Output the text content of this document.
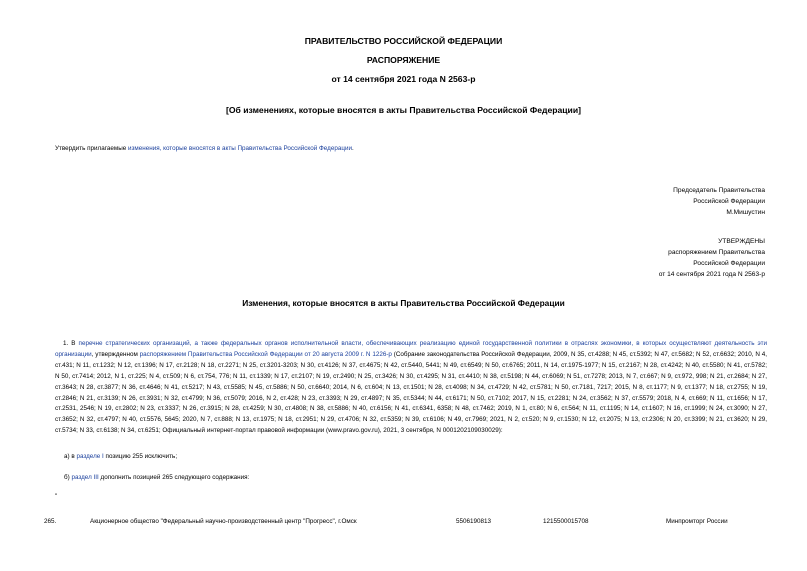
ПРАВИТЕЛЬСТВО РОССИЙСКОЙ ФЕДЕРАЦИИ
РАСПОРЯЖЕНИЕ
от 14 сентября 2021 года N 2563-р
[Об изменениях, которые вносятся в акты Правительства Российской Федерации]
Утвердить прилагаемые изменения, которые вносятся в акты Правительства Российской Федерации.
Председатель Правительства
Российской Федерации
М.Мишустин
УТВЕРЖДЕНЫ
распоряжением Правительства
Российской Федерации
от 14 сентября 2021 года N 2563-р
Изменения, которые вносятся в акты Правительства Российской Федерации
1. В перечне стратегических организаций, а также федеральных органов исполнительной власти, обеспечивающих реализацию единой государственной политики в отраслях экономики, в которых осуществляют деятельность эти организации, утвержденном распоряжением Правительства Российской Федерации от 20 августа 2009 г. N 1226-р (Собрание законодательства Российской Федерации, 2009, N 35, ст.4288; N 45, ст.5392; N 47, ст.5682; N 52, ст.6632; 2010, N 4, ст.431; N 11, ст.1232; N 12, ст.1396; N 17, ст.2128; N 18, ст.2271; N 25, ст.3201-3203; N 30, ст.4126; N 37, ст.4675; N 42, ст.5440, 5441; N 49, ст.6549; N 50, ст.6765; 2011, N 14, ст.1975-1977; N 15, ст.2167; N 28, ст.4242; N 40, ст.5580; N 41, ст.5782; N 50, ст.7414; 2012, N 1, ст.225; N 4, ст.509; N 6, ст.754, 776; N 11, ст.1339; N 17, ст.2107; N 19, ст.2490; N 25, ст.3426; N 30, ст.4295; N 31, ст.4410; N 38, ст.5198; N 44, ст.6069; N 51, ст.7278; 2013, N 7, ст.667; N 9, ст.972, 998; N 21, ст.2684; N 27, ст.3643; N 28, ст.3877; N 36, ст.4646; N 41, ст.5217; N 43, ст.5585; N 45, ст.5886; N 50, ст.6640; 2014, N 6, ст.604; N 13, ст.1501; N 28, ст.4098; N 34, ст.4729; N 42, ст.5781; N 50, ст.7181, 7217; 2015, N 8, ст.1177; N 9, ст.1377; N 18, ст.2755; N 19, ст.2846; N 21, ст.3139; N 26, ст.3931; N 32, ст.4799; N 36, ст.5079; 2016, N 2, ст.428; N 23, ст.3393; N 29, ст.4897; N 35, ст.5344; N 44, ст.6171; N 50, ст.7102; 2017, N 15, ст.2281; N 24, ст.3562; N 37, ст.5579; 2018, N 4, ст.669; N 11, ст.1656; N 17, ст.2531, 2546; N 19, ст.2802; N 23, ст.3337; N 26, ст.3915; N 28, ст.4259; N 30, ст.4808; N 38, ст.5886; N 40, ст.6156; N 41, ст.6341, 6358; N 48, ст.7462; 2019, N 1, ст.80; N 6, ст.564; N 11, ст.1195; N 14, ст.1607; N 16, ст.1999; N 24, ст.3090; N 27, ст.3652; N 32, ст.4797; N 40, ст.5576, 5645; 2020, N 7, ст.888; N 13, ст.1975; N 18, ст.2951; N 29, ст.4706; N 32, ст.5359; N 39, ст.6106; N 49, ст.7969; 2021, N 2, ст.520; N 9, ст.1530; N 12, ст.2075; N 13, ст.2306; N 20, ст.3399; N 21, ст.3620; N 29, ст.5734; N 33, ст.6138; N 34, ст.6251; Официальный интернет-портал правовой информации (www.pravo.gov.ru), 2021, 3 сентября, N 0001202109030029):
а) в разделе I позицию 255 исключить;
б) раздел III дополнить позицией 265 следующего содержания:
"
265.	Акционерное общество "Федеральный научно-производственный центр "Прогресс", г.Омск	5506190813	1215500015708	Минпромторг России
